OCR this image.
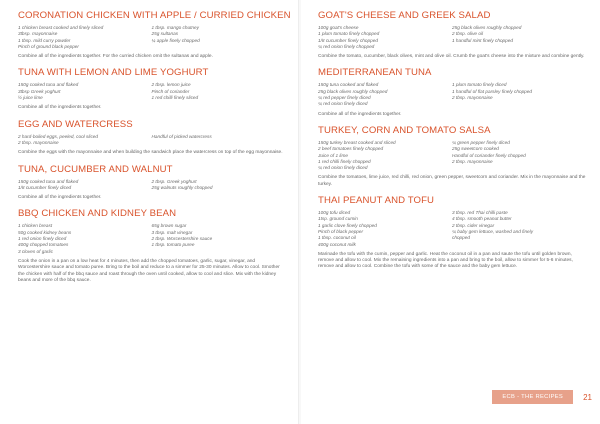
CORONATION CHICKEN WITH APPLE / CURRIED CHICKEN
1 chicken breast cooked and finely sliced
3tbsp. mayonnaise
1 tbsp. mild curry powder
Pinch of ground black pepper
1 tbsp. mango chutney
25g sultanas
¼ apple finely chopped

Combine all of the ingredients together. For the curried chicken omit the sultanas and apple.

TUNA WITH LEMON AND LIME YOGHURT
150g cooked tuna and flaked
3tbsp Greek yoghurt
½ juice lime
2 tbsp. lemon juice
Pinch of coriander
1 red chilli finely sliced

Combine all of the ingredients together.

EGG AND WATERCRESS
2 hard-boiled eggs, peeled, cool sliced
2 tbsp. mayonnaise
Handful of picked watercress

Combine the eggs with the mayonnaise and when building the sandwich place the watercress on top of the egg mayonnaise.

TUNA, CUCUMBER AND WALNUT
150g cooked tuna and flaked
1/8 cucumber finely diced
2 tbsp. Greek yoghurt
25g walnuts roughly chopped

Combine all of the ingredients together.

BBQ CHICKEN AND KIDNEY BEAN
1 chicken breast
50g cooked kidney beans
1 red onion finely diced
400g chopped tomatoes
3 cloves of garlic
65g brown sugar
3 tbsp. malt vinegar
2 tbsp. Worcestershire sauce
1 tbsp. tomato puree

Cook the onion in a pan on a low heat for 4 minutes, then add the chopped tomatoes, garlic, sugar, vinegar, and Worcestershire sauce and tomato puree. Bring to the boil and reduce to a simmer for 25-30 minutes. Allow to cool. Smother the chicken with half of the bbq sauce and roast through the oven until cooked, allow to cool and slice. Mix with the kidney beans and more of the bbq sauce.

GOAT'S CHEESE AND GREEK SALAD
100g goat's cheese
1 plum tomato finely chopped
1/8 cucumber finely chopped
¼ red onion finely chopped
25g black olives roughly chopped
2 tbsp. olive oil
1 handful mint finely chopped

Combine the tomato, cucumber, black olives, mint and olive oil. Crumb the goat's cheese into the mixture and combine gently.

MEDITERRANEAN TUNA
150g tuna cooked and flaked
25g black olives roughly chopped
¼ red pepper finely diced
¼ red onion finely diced
1 plum tomato finely diced
1 handful of flat parsley finely chopped
2 tbsp. mayonnaise

Combine all of the ingredients together.

TURKEY, CORN AND TOMATO SALSA
150g turkey breast cooked and sliced
2 beef tomatoes finely chopped
Juice of 1 lime
1 red chilli finely chopped
¼ red onion finely diced
¼ green pepper finely diced
25g sweetcorn cooked
Handful of coriander finely chopped
2 tbsp. mayonnaise

Combine the tomatoes, lime juice, red chilli, red onion, green pepper, sweetcorn and coriander. Mix in the mayonnaise and the turkey.

THAI PEANUT AND TOFU
100g tofu diced
1tsp. ground cumin
1 garlic clove finely chopped
Pinch of black pepper
1 tbsp. coconut oil
400g coconut milk
3 tbsp. red Thai chilli paste
4 tbsp. smooth peanut butter
2 tbsp. cider vinegar
¼ baby gem lettuce, washed and finely
chopped

Marinade the tofu with the cumin, pepper and garlic. Heat the coconut oil in a pan and saute the tofu until golden brown, remove and allow to cool. Mix the remaining ingredients into a pan and bring to the boil, allow to simmer for 5-6 minutes, remove and allow to cool. Combine the tofu with some of the sauce and the baby gem lettuce.

ECB - THE RECIPES	21
